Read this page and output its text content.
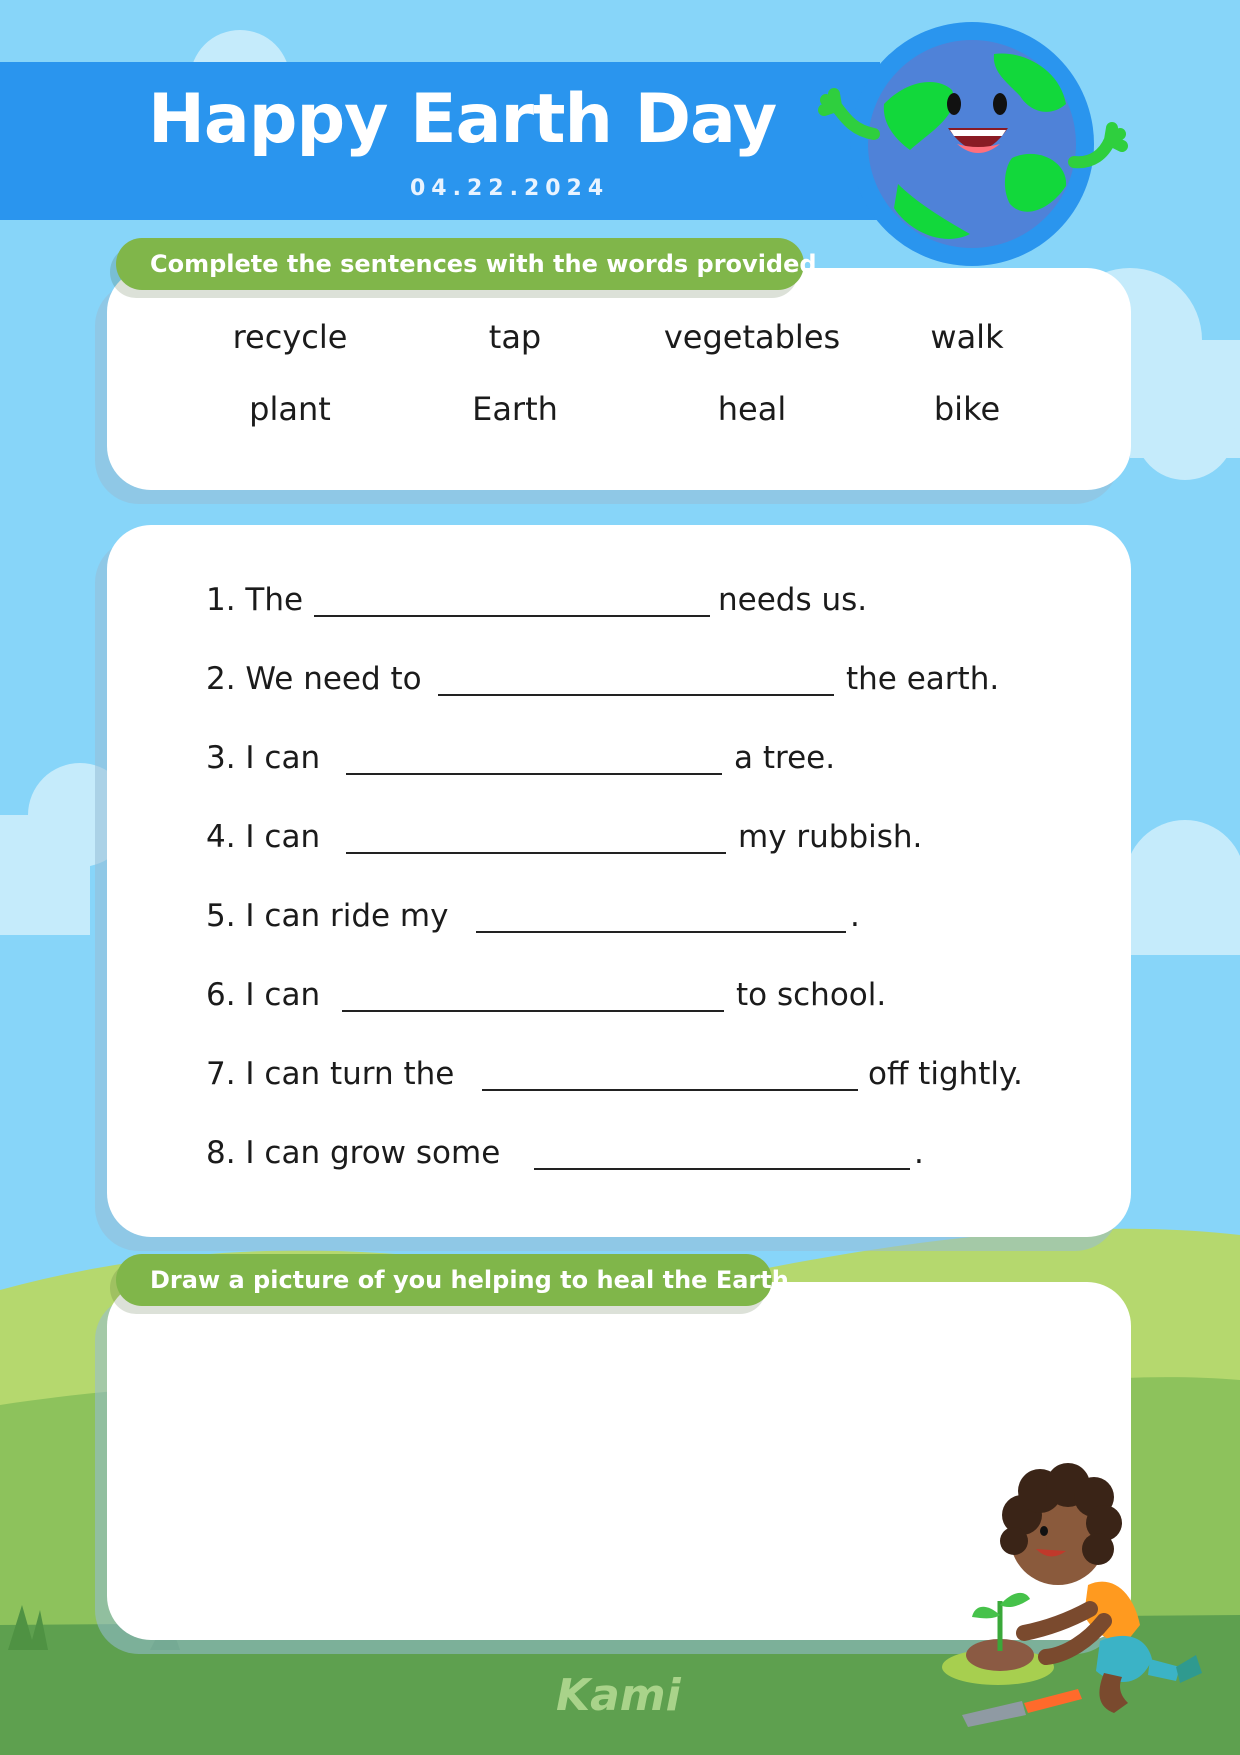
Happy Earth Day
04.22.2024
Complete the sentences with the words provided
recycle	tap	vegetables	walk
plant	Earth	heal	bike
1. The	needs us.
2. We need to	the earth.
3. I can	a tree.
4. I can	my rubbish.
5. I can ride my	.
6. I can	to school.
7. I can turn the	off tightly.
8. I can grow some	.
Draw a picture of you helping to heal the Earth
Kami
